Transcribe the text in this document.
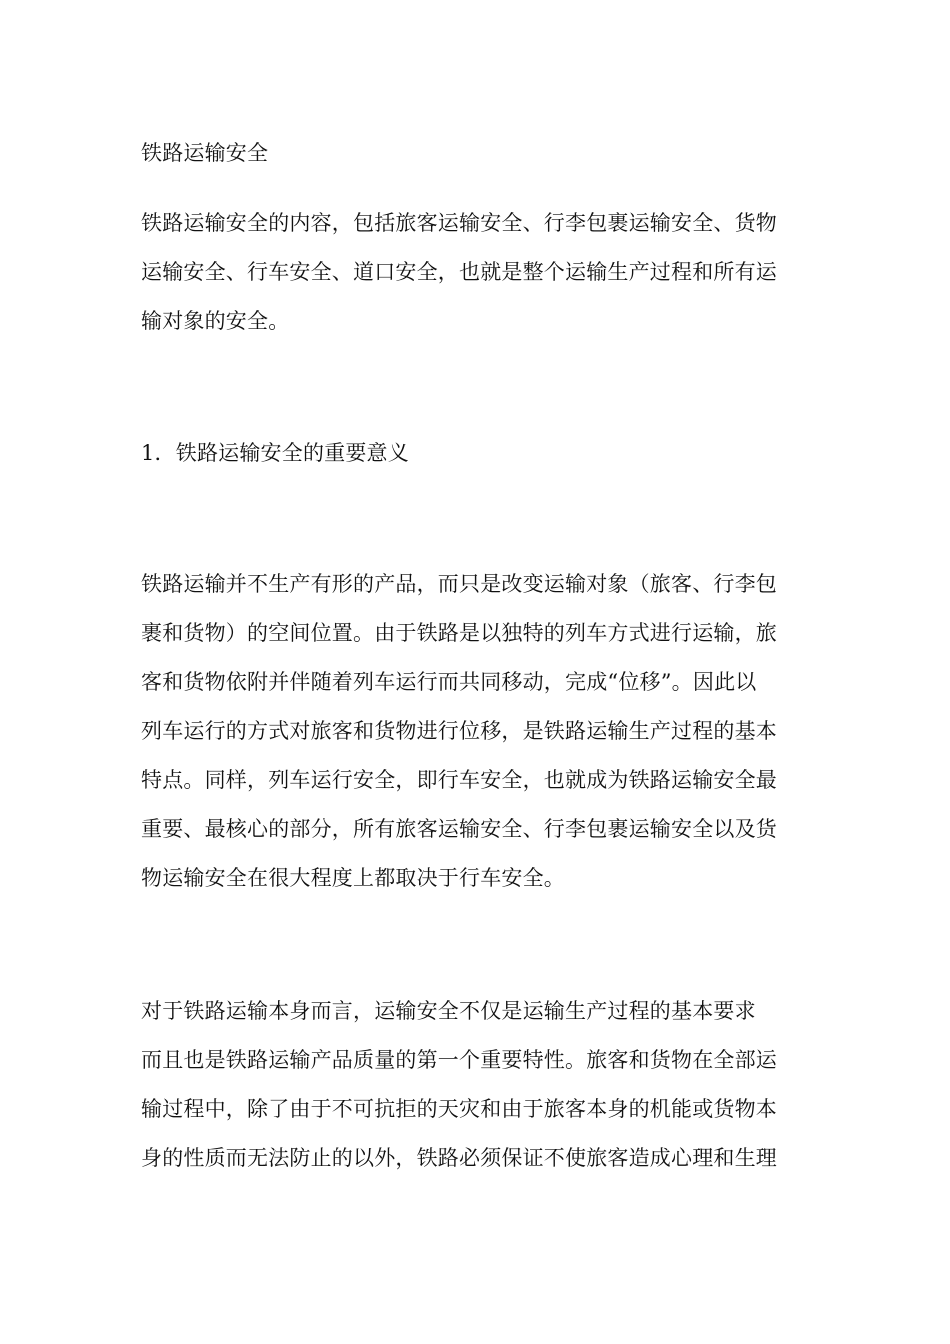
铁路运输安全
铁路运输安全的内容，包括旅客运输安全、行李包裹运输安全、货物
运输安全、行车安全、道口安全，也就是整个运输生产过程和所有运
输对象的安全。
1．铁路运输安全的重要意义
铁路运输并不生产有形的产品，而只是改变运输对象（旅客、行李包
裹和货物）的空间位置。由于铁路是以独特的列车方式进行运输，旅
客和货物依附并伴随着列车运行而共同移动，完成“位移”。因此以
列车运行的方式对旅客和货物进行位移，是铁路运输生产过程的基本
特点。同样，列车运行安全，即行车安全，也就成为铁路运输安全最
重要、最核心的部分，所有旅客运输安全、行李包裹运输安全以及货
物运输安全在很大程度上都取决于行车安全。
对于铁路运输本身而言，运输安全不仅是运输生产过程的基本要求
而且也是铁路运输产品质量的第一个重要特性。旅客和货物在全部运
输过程中，除了由于不可抗拒的天灾和由于旅客本身的机能或货物本
身的性质而无法防止的以外，铁路必须保证不使旅客造成心理和生理
